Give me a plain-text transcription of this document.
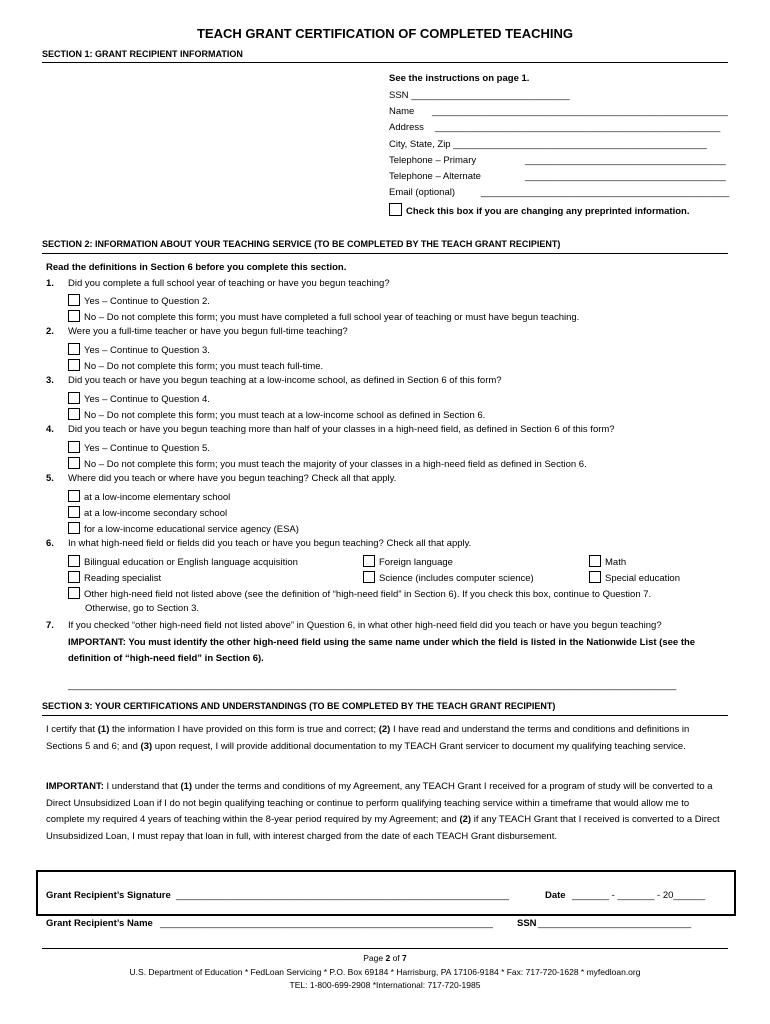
TEACH GRANT CERTIFICATION OF COMPLETED TEACHING
SECTION 1: GRANT RECIPIENT INFORMATION
See the instructions on page 1.
SSN ______________________________
Name ________________________________________________________
Address ______________________________________________________
City, State, Zip ________________________________________________
Telephone – Primary	______________________________________
Telephone – Alternate	______________________________________
Email (optional)	_______________________________________________
Check this box if you are changing any preprinted information.
SECTION 2: INFORMATION ABOUT YOUR TEACHING SERVICE (TO BE COMPLETED BY THE TEACH GRANT RECIPIENT)
Read the definitions in Section 6 before you complete this section.
1. Did you complete a full school year of teaching or have you begun teaching?
Yes – Continue to Question 2.
No – Do not complete this form; you must have completed a full school year of teaching or must have begun teaching.
2. Were you a full-time teacher or have you begun full-time teaching?
Yes – Continue to Question 3.
No – Do not complete this form; you must teach full-time.
3. Did you teach or have you begun teaching at a low-income school, as defined in Section 6 of this form?
Yes – Continue to Question 4.
No – Do not complete this form; you must teach at a low-income school as defined in Section 6.
4. Did you teach or have you begun teaching more than half of your classes in a high-need field, as defined in Section 6 of this form?
Yes – Continue to Question 5.
No – Do not complete this form; you must teach the majority of your classes in a high-need field as defined in Section 6.
5. Where did you teach or where have you begun teaching? Check all that apply.
at a low-income elementary school
at a low-income secondary school
for a low-income educational service agency (ESA)
6. In what high-need field or fields did you teach or have you begun teaching? Check all that apply.
Bilingual education or English language acquisition	Foreign language	Math
Reading specialist	Science (includes computer science)	Special education
Other high-need field not listed above (see the definition of “high-need field” in Section 6). If you check this box, continue to Question 7.
Otherwise, go to Section 3.
7. If you checked “other high-need field not listed above” in Question 6, in what other high-need field did you teach or have you begun teaching?
IMPORTANT: You must identify the other high-need field using the same name under which the field is listed in the Nationwide List (see the
definition of “high-need field” in Section 6).
__________________________________________________________________________________________________________________________
SECTION 3: YOUR CERTIFICATIONS AND UNDERSTANDINGS (TO BE COMPLETED BY THE TEACH GRANT RECIPIENT)
I certify that (1) the information I have provided on this form is true and correct; (2) I have read and understand the terms and conditions and definitions in Sections 5 and 6; and (3) upon request, I will provide additional documentation to my TEACH Grant servicer to document my qualifying teaching service.
IMPORTANT: I understand that (1) under the terms and conditions of my Agreement, any TEACH Grant I received for a program of study will be converted to a Direct Unsubsidized Loan if I do not begin qualifying teaching or continue to perform qualifying teaching service within a timeframe that would allow me to complete my required 4 years of teaching within the 8-year period required by my Agreement; and (2) if any TEACH Grant that I received is converted to a Direct Unsubsidized Loan, I must repay that loan in full, with interest charged from the date of each TEACH Grant disbursement.
Grant Recipient’s Signature _______________________________________________________________	Date _______ - _______ - 20______
Grant Recipient’s Name _______________________________________________________________	SSN _____________________________
Page 2 of 7
U.S. Department of Education * FedLoan Servicing * P.O. Box 69184 * Harrisburg, PA 17106-9184 * Fax: 717-720-1628 * myfedloan.org
TEL: 1-800-699-2908 *International: 717-720-1985
